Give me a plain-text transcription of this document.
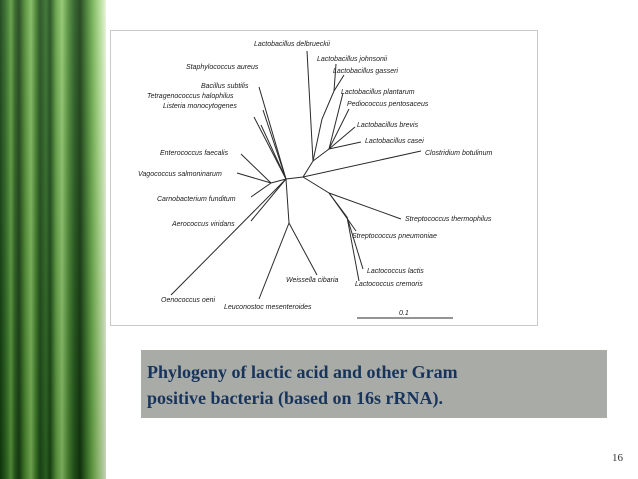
Lactobacillus delbrueckii
Lactobacillus johnsonii
Lactobacillus gasseri
Staphylococcus aureus
Bacillus subtilis
Tetragenococcus halophilus
Listeria monocytogenes
Lactobacillus plantarum
Pediococcus pentosaceus
Lactobacillus brevis
Lactobacillus casei
Clostridium botulinum
Enterococcus faecalis
Vagococcus salmoninarum
Carnobacterium funditum
Aerococcus viridans
Streptococcus thermophilus
Streptococcus pneumoniae
Lactococcus lactis
Lactococcus cremoris
Weissella cibaria
Oenococcus oeni
Leuconostoc mesenteroides
0.1
Phylogeny of lactic acid and other Gram
positive bacteria (based on 16s rRNA).
16
